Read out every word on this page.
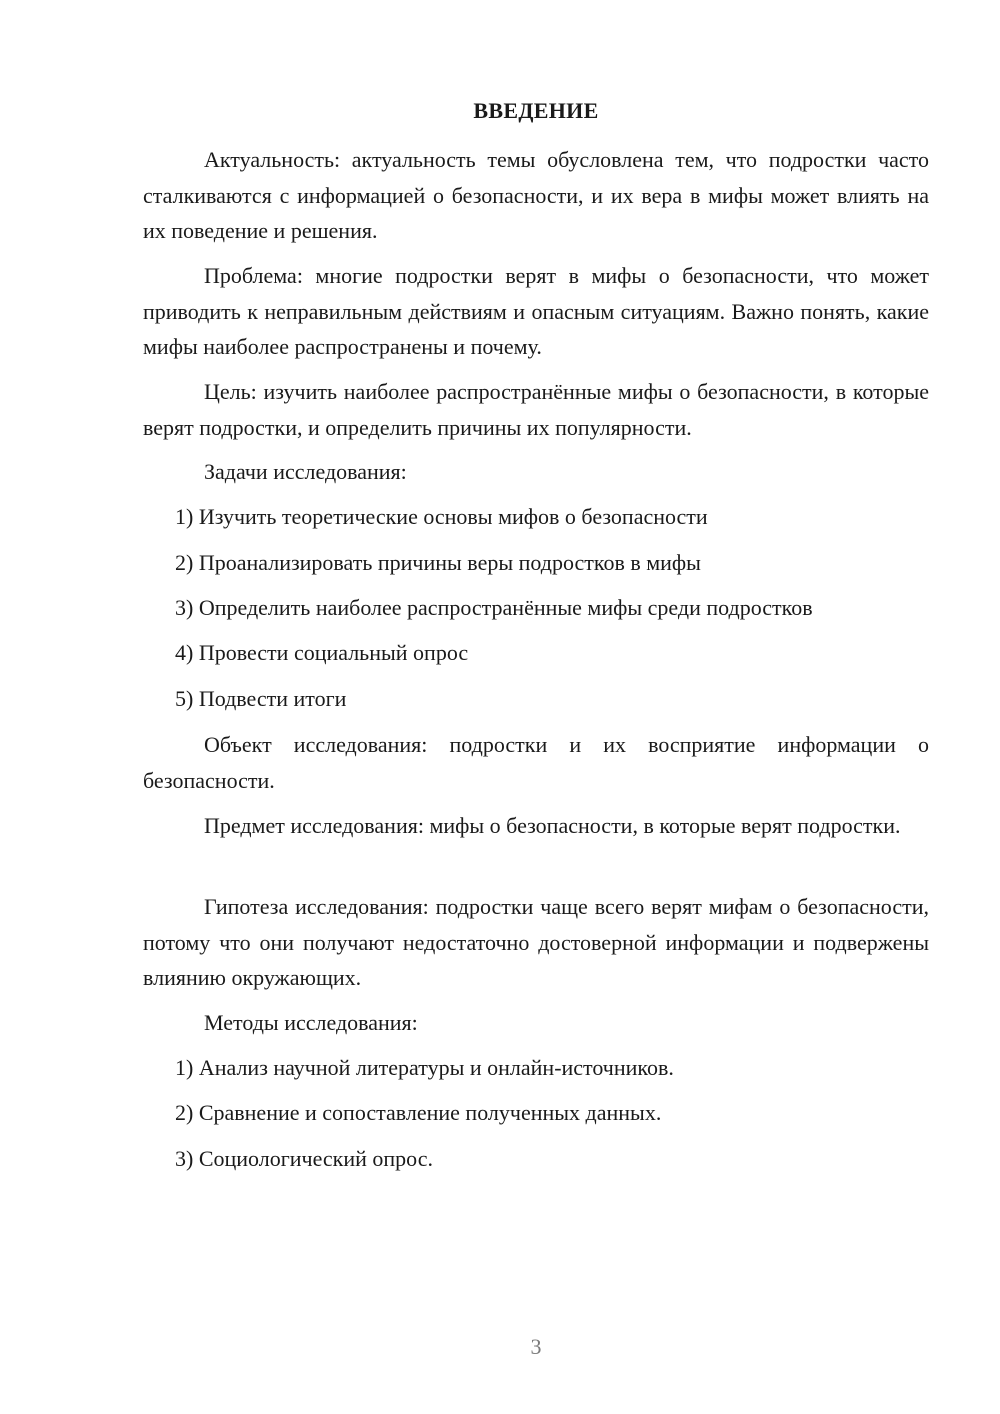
ВВЕДЕНИЕ

Актуальность: актуальность темы обусловлена тем, что подростки часто сталкиваются с информацией о безопасности, и их вера в мифы может влиять на их поведение и решения.

Проблема: многие подростки верят в мифы о безопасности, что может приводить к неправильным действиям и опасным ситуациям. Важно понять, какие мифы наиболее распространены и почему.

Цель: изучить наиболее распространённые мифы о безопасности, в которые верят подростки, и определить причины их популярности.

Задачи исследования:

1) Изучить теоретические основы мифов о безопасности

2) Проанализировать причины веры подростков в мифы

3) Определить наиболее распространённые мифы среди подростков

4) Провести социальный опрос

5) Подвести итоги

Объект исследования: подростки и их восприятие информации о безопасности.

Предмет исследования: мифы о безопасности, в которые верят подростки.

Гипотеза исследования: подростки чаще всего верят мифам о безопасности, потому что они получают недостаточно достоверной информации и подвержены влиянию окружающих.

Методы исследования:

1) Анализ научной литературы и онлайн-источников.

2) Сравнение и сопоставление полученных данных.

3) Социологический опрос.

3
